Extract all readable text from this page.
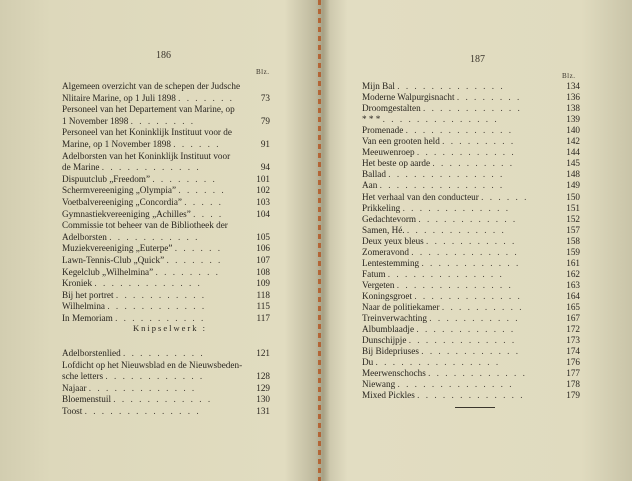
186
Blz.
Algemeen overzicht van de schepen der Judsche
Nlitaire Marine, op 1 Juli 1898 . . . . . . .	73
Personeel van het Departement van Marine, op
1 November 1898 . . . . . . . .	79
Personeel van het Koninklijk Instituut voor de
Marine, op 1 November 1898 . . . . . .	91
Adelborsten van het Koninklijk Instituut voor
de Marine . . . . . . . . . . . .	94
Dispuutclub „Freedom” . . . . . . . .	101
Schermvereeniging „Olympia” . . . . . .	102
Voetbalvereeniging „Concordia” . . . . .	103
Gymnastiekvereeniging „Achilles” . . . .	104
Commissie tot beheer van de Bibliotheek der
Adelborsten . . . . . . . . . . .	105
Muziekvereeniging „Euterpe” . . . . . .	106
Lawn-Tennis-Club „Quick” . . . . . . .	107
Kegelclub „Wilhelmina” . . . . . . . .	108
Kroniek . . . . . . . . . . . . .	109
Bij het portret . . . . . . . . . . .	118
Wilhelmina . . . . . . . . . . . .	115
In Memoriam . . . . . . . . . . .	117
Knipselwerk :
Adelborstenlied . . . . . . . . . .	121
Lofdicht op het Nieuwsblad en de Nieuwsbeden-
sche letters . . . . . . . . . . . .	128
Najaar . . . . . . . . . . . . .	129
Bloemenstuil . . . . . . . . . . . .	130
Toost . . . . . . . . . . . . . .	131
187
Blz.
Mijn Bal . . . . . . . . . . . . .	134
Moderne Walpurgisnacht . . . . . . . .	136
Droomgestalten . . . . . . . . . . . .	138
* * * . . . . . . . . . . . . . .	139
Promenade . . . . . . . . . . . . .	140
Van een grooten held . . . . . . . . .	142
Meeuwenroep . . . . . . . . . . . .	144
Het beste op aarde . . . . . . . . . .	145
Ballad . . . . . . . . . . . . . .	148
Aan . . . . . . . . . . . . . . .	149
Het verhaal van den conducteur . . . . . .	150
Prikkeling . . . . . . . . . . . . .	151
Gedachtevorm . . . . . . . . . . . .	152
Samen, Hé. . . . . . . . . . . . .	157
Deux yeux bleus . . . . . . . . . . .	158
Zomeravond . . . . . . . . . . . . .	159
Lentestemming . . . . . . . . . . . .	161
Fatum . . . . . . . . . . . . . .	162
Vergeten . . . . . . . . . . . . . .	163
Koningsgroet . . . . . . . . . . . . .	164
Naar de politiekamer . . . . . . . . . .	165
Treinverwachting . . . . . . . . . . .	167
Albumblaadje . . . . . . . . . . . .	172
Dunschijpje . . . . . . . . . . . . .	173
Bij Bidepriuses . . . . . . . . . . . .	174
Du . . . . . . . . . . . . . . .	176
Meerwenschochs . . . . . . . . . . . .	177
Niewang . . . . . . . . . . . . . .	178
Mixed Pickles . . . . . . . . . . . . .	179
